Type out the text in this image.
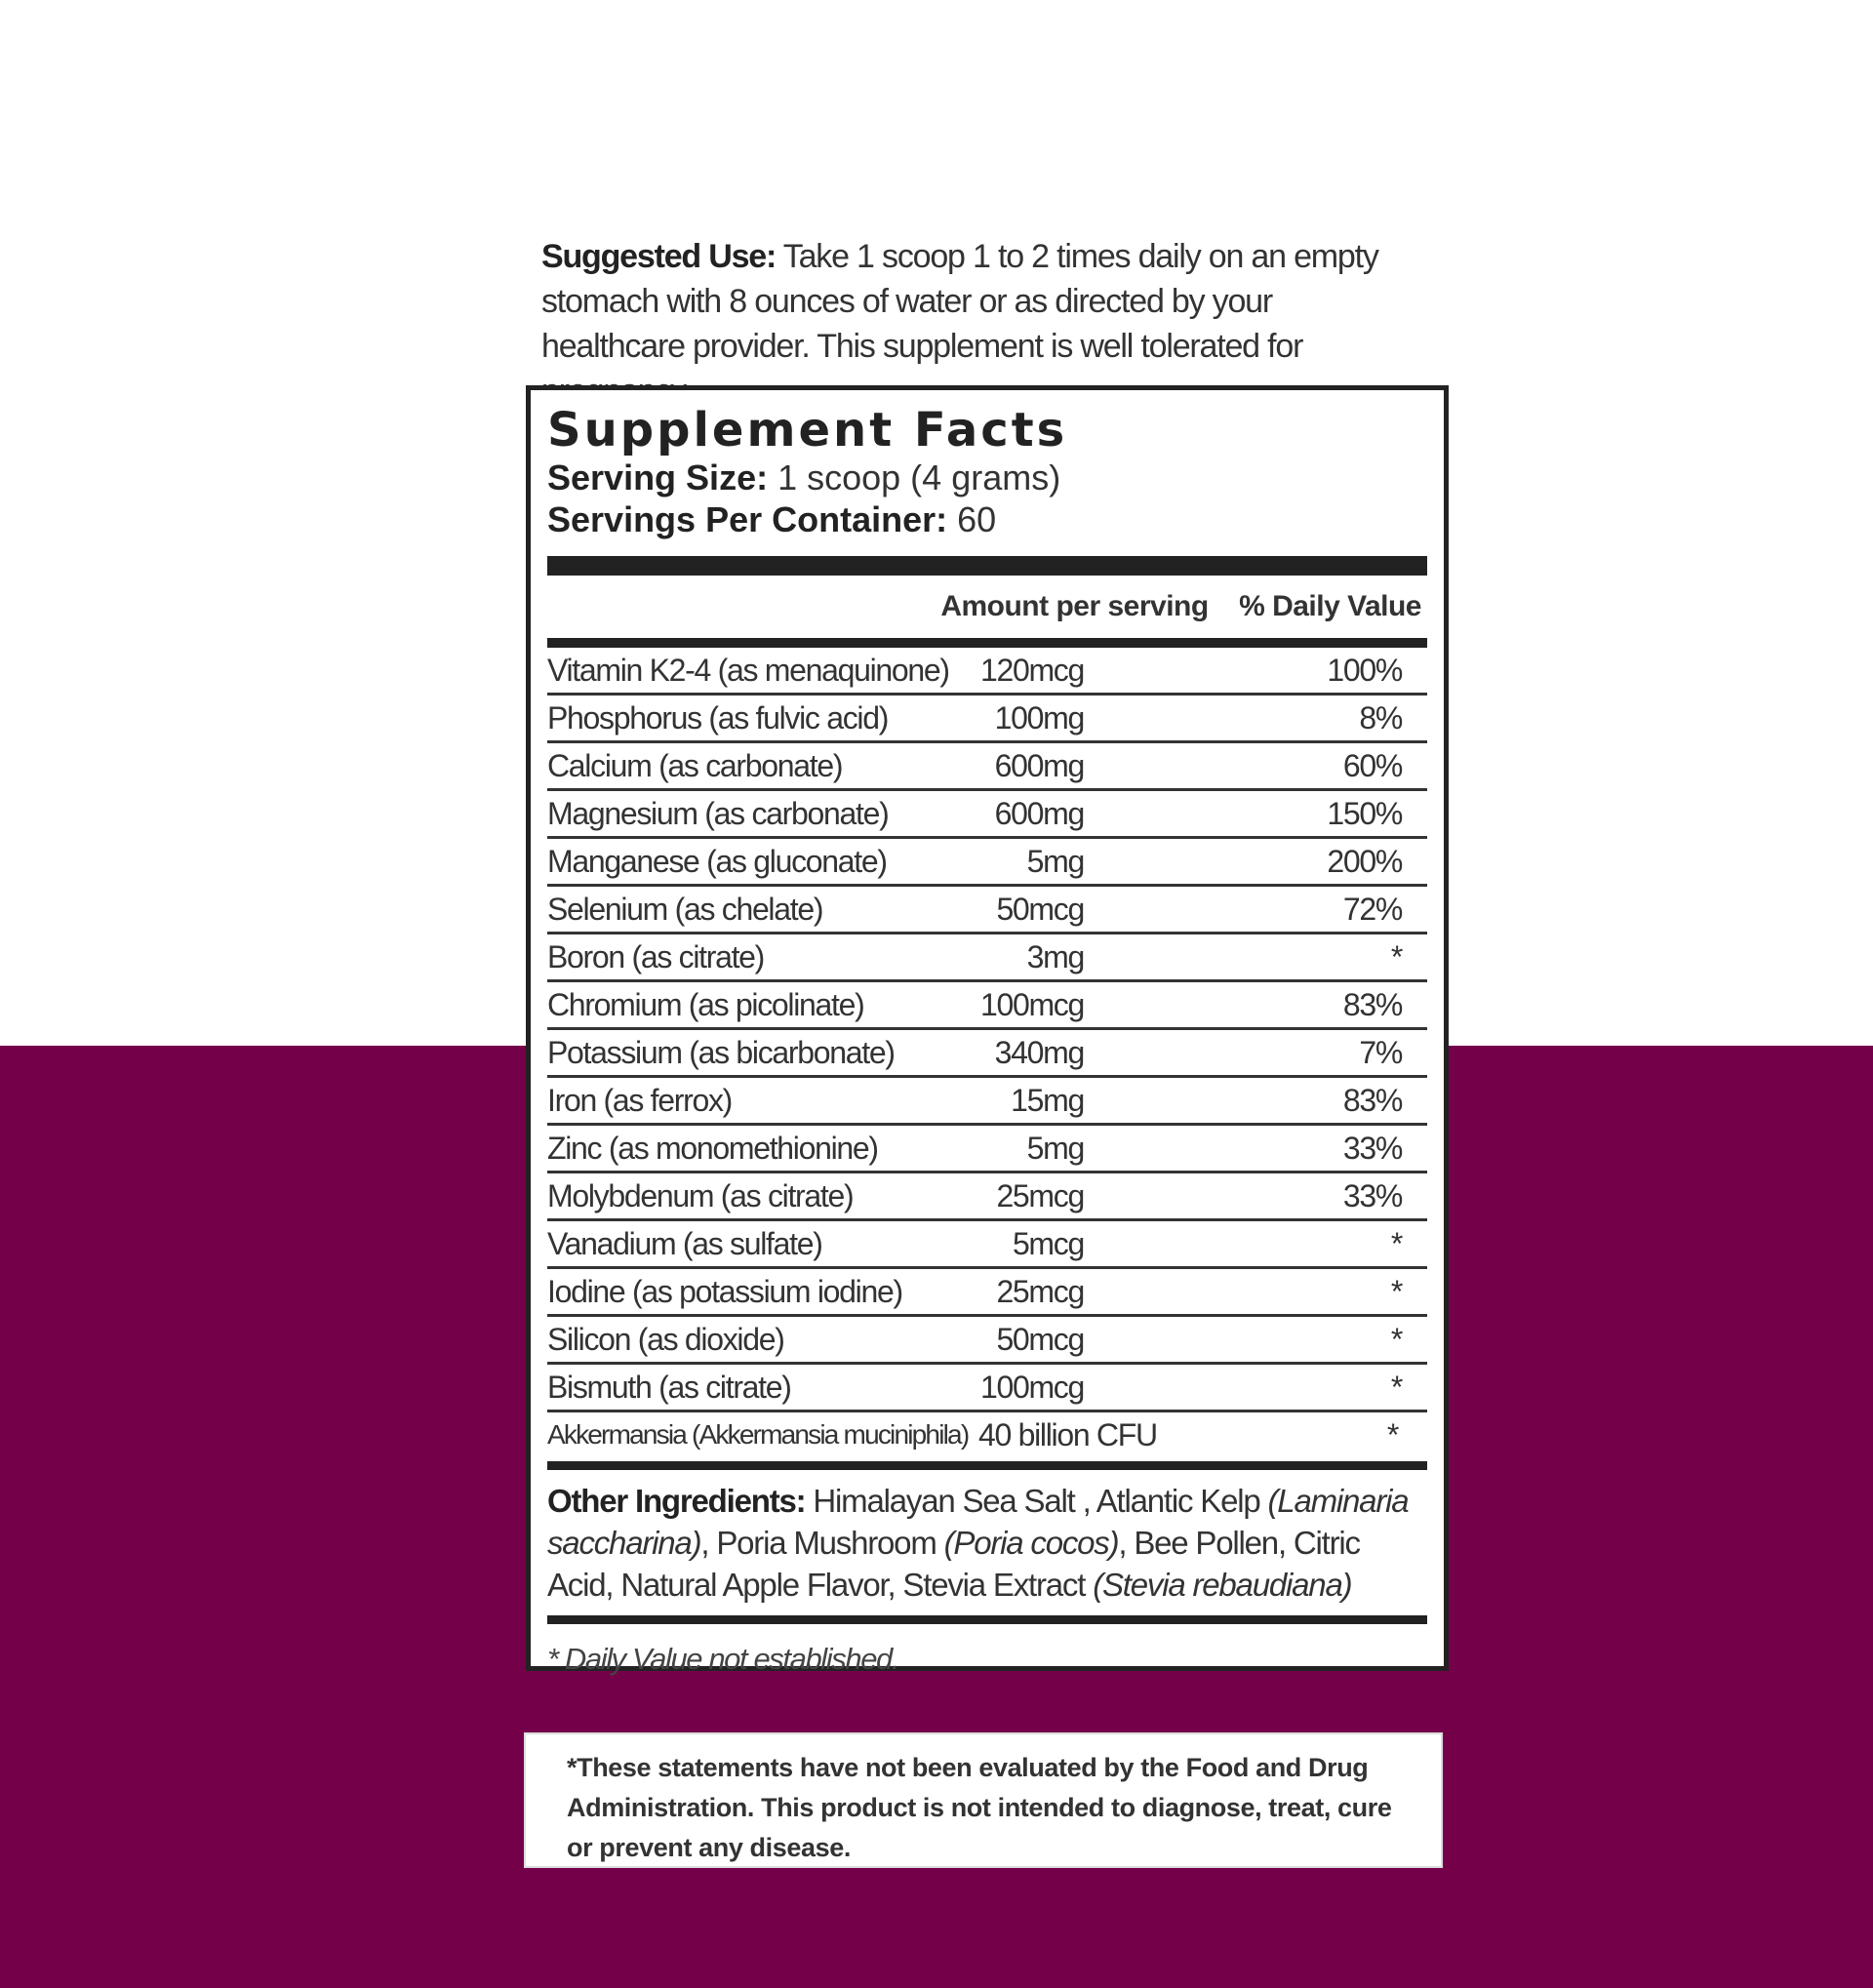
Suggested Use: Take 1 scoop 1 to 2 times daily on an empty stomach with 8 ounces of water or as directed by your healthcare provider. This supplement is well tolerated for

Supplement Facts
Serving Size: 1 scoop (4 grams)
Servings Per Container: 60
Amount per serving	% Daily Value
Vitamin K2-4 (as menaquinone)	120mcg	100%
Phosphorus (as fulvic acid)	100mg	8%
Calcium (as carbonate)	600mg	60%
Magnesium (as carbonate)	600mg	150%
Manganese (as gluconate)	5mg	200%
Selenium (as chelate)	50mcg	72%
Boron (as citrate)	3mg	*
Chromium (as picolinate)	100mcg	83%
Potassium (as bicarbonate)	340mg	7%
Iron (as ferrox)	15mg	83%
Zinc (as monomethionine)	5mg	33%
Molybdenum (as citrate)	25mcg	33%
Vanadium (as sulfate)	5mcg	*
Iodine (as potassium iodine)	25mcg	*
Silicon (as dioxide)	50mcg	*
Bismuth (as citrate)	100mcg	*
Akkermansia (Akkermansia muciniphila) 40 billion CFU	*
Other Ingredients: Himalayan Sea Salt , Atlantic Kelp (Laminaria saccharina), Poria Mushroom (Poria cocos), Bee Pollen, Citric Acid, Natural Apple Flavor, Stevia Extract (Stevia rebaudiana)
* Daily Value not established.
*These statements have not been evaluated by the Food and Drug Administration. This product is not intended to diagnose, treat, cure or prevent any disease.
